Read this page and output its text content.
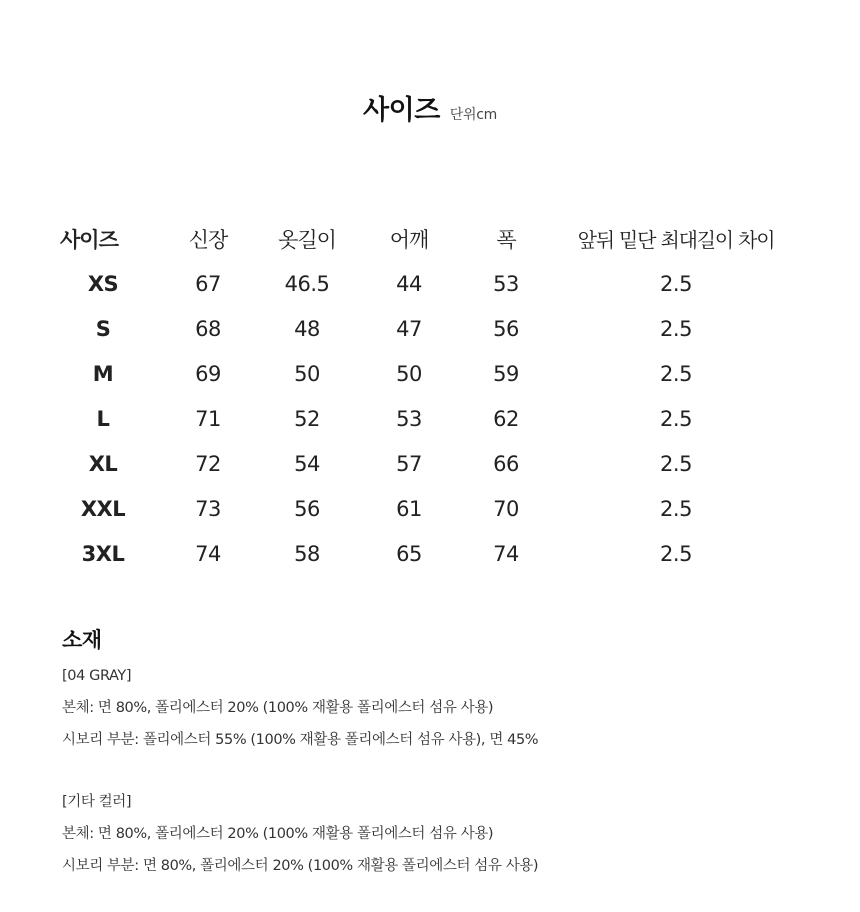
사이즈 단위cm
사이즈	신장	옷길이	어깨	폭	앞뒤 밑단 최대길이 차이
XS	67	46.5	44	53	2.5
S	68	48	47	56	2.5
M	69	50	50	59	2.5
L	71	52	53	62	2.5
XL	72	54	57	66	2.5
XXL	73	56	61	70	2.5
3XL	74	58	65	74	2.5
소재

[04 GRAY]

본체: 면 80%, 폴리에스터 20% (100% 재활용 폴리에스터 섬유 사용)

시보리 부분: 폴리에스터 55% (100% 재활용 폴리에스터 섬유 사용), 면 45%

[기타 컬러]

본체: 면 80%, 폴리에스터 20% (100% 재활용 폴리에스터 섬유 사용)

시보리 부분: 면 80%, 폴리에스터 20% (100% 재활용 폴리에스터 섬유 사용)
